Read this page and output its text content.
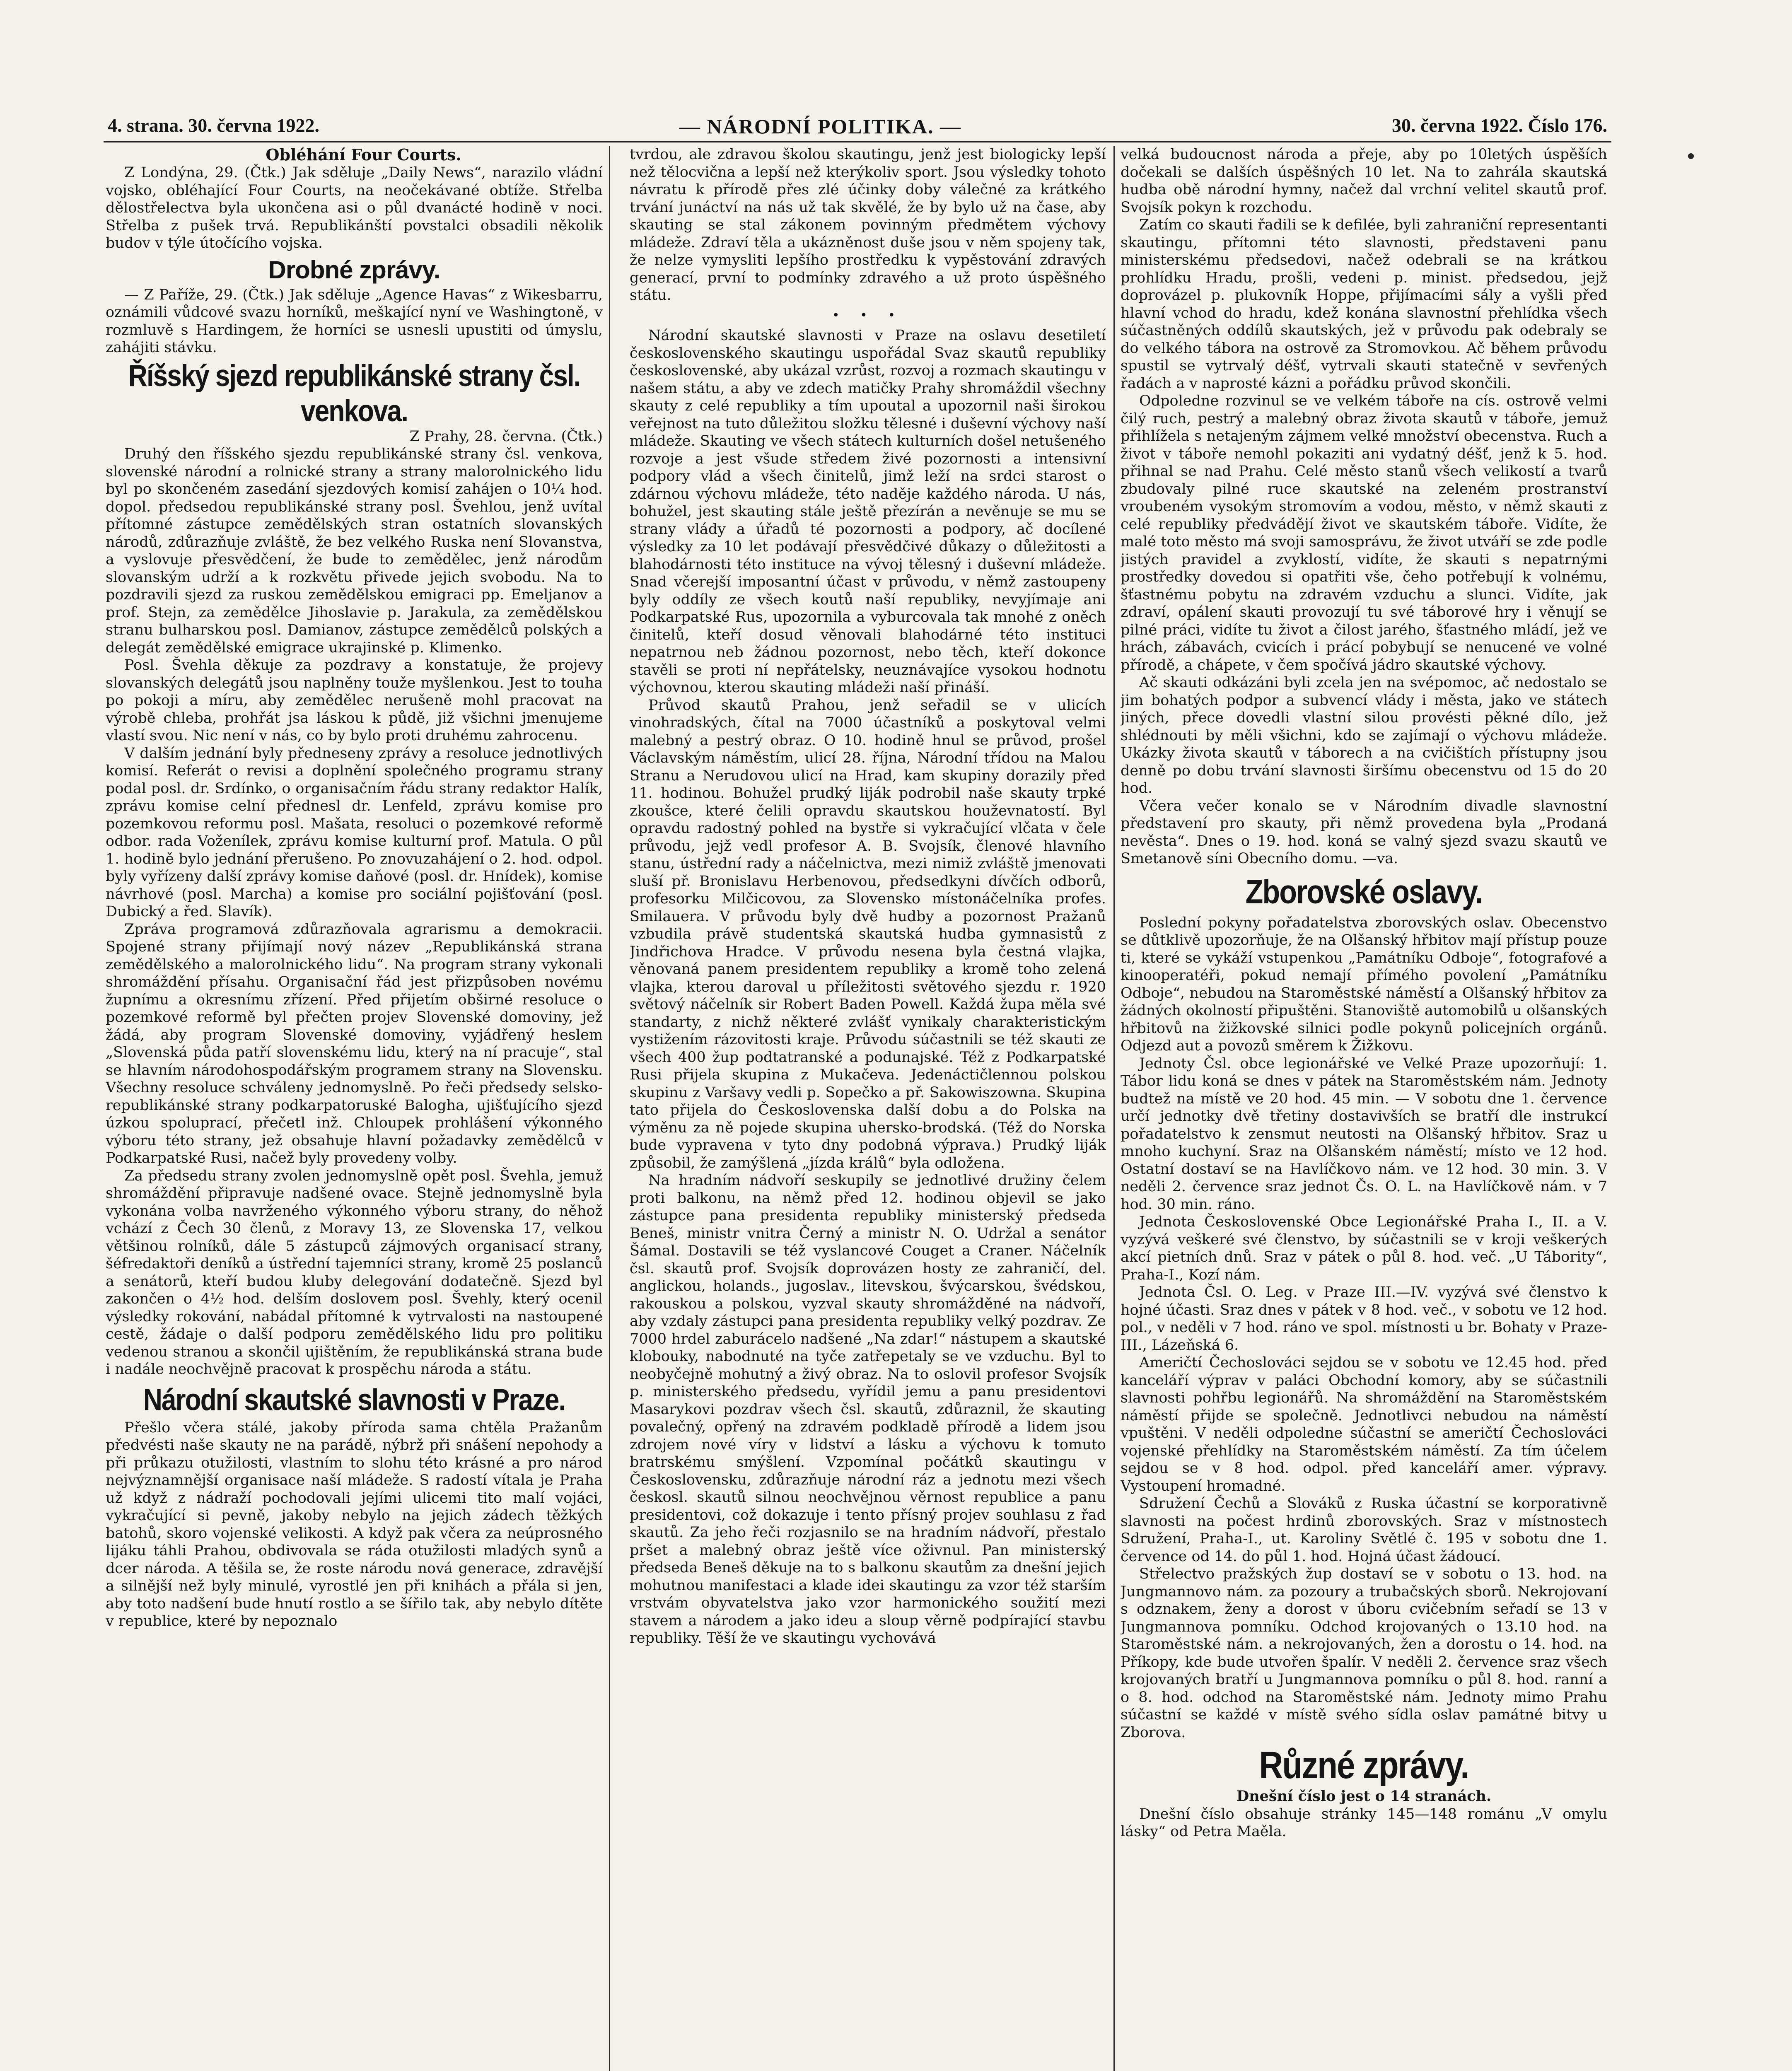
4. strana. 30. června 1922.	— NÁRODNÍ POLITIKA. —	30. června 1922. Číslo 176.

Obléhání Four Courts.

Z Londýna, 29. (Čtk.) Jak sděluje „Daily News“, narazilo vládní vojsko, obléhající Four Courts, na neočekávané obtíže. Střelba dělostřelectva byla ukončena asi o půl dvanácté hodině v noci. Střelba z pušek trvá. Republikánští povstalci obsadili několik budov v týle útočícího vojska.

Drobné zprávy.

— Z Paříže, 29. (Čtk.) Jak sděluje „Agence Havas“ z Wikesbarru, oznámili vůdcové svazu horníků, meškající nyní ve Washingtoně, v rozmluvě s Hardingem, že horníci se usnesli upustiti od úmyslu, zahájiti stávku.

Říšský sjezd republikánské strany čsl. venkova.

Z Prahy, 28. června. (Čtk.)

Druhý den říšského sjezdu republikánské strany čsl. venkova, slovenské národní a rolnické strany a strany malorolnického lidu byl po skončeném zasedání sjezdových komisí zahájen o 10¼ hod. dopol. předsedou republikánské strany posl. Švehlou, jenž uvítal přítomné zástupce zemědělských stran ostatních slovanských národů, zdůrazňuje zvláště, že bez velkého Ruska není Slovanstva, a vyslovuje přesvědčení, že bude to zemědělec, jenž národům slovanským udrží a k rozkvětu přivede jejich svobodu. Na to pozdravili sjezd za ruskou zemědělskou emigraci pp. Emeljanov a prof. Stejn, za zemědělce Jihoslavie p. Jarakula, za zemědělskou stranu bulharskou posl. Damianov, zástupce zemědělců polských a delegát zemědělské emigrace ukrajinské p. Klimenko.

Posl. Švehla děkuje za pozdravy a konstatuje, že projevy slovanských delegátů jsou naplněny touže myšlenkou. Jest to touha po pokoji a míru, aby zemědělec nerušeně mohl pracovat na výrobě chleba, prohřát jsa láskou k půdě, již všichni jmenujeme vlastí svou. Nic není v nás, co by bylo proti druhému zahrocenu.

V dalším jednání byly předneseny zprávy a resoluce jednotlivých komisí. Referát o revisi a doplnění společného programu strany podal posl. dr. Srdínko, o organisačním řádu strany redaktor Halík, zprávu komise celní přednesl dr. Lenfeld, zprávu komise pro pozemkovou reformu posl. Mašata, resoluci o pozemkové reformě odbor. rada Voženílek, zprávu komise kulturní prof. Matula. O půl 1. hodině bylo jednání přerušeno. Po znovuzahájení o 2. hod. odpol. byly vyřízeny další zprávy komise daňové (posl. dr. Hnídek), komise návrhové (posl. Marcha) a komise pro sociální pojišťování (posl. Dubický a řed. Slavík).

Zpráva programová zdůrazňovala agrarismu a demokracii. Spojené strany přijímají nový název „Republikánská strana zemědělského a malorolnického lidu“. Na program strany vykonali shromáždění přísahu. Organisační řád jest přizpůsoben novému župnímu a okresnímu zřízení. Před přijetím obširné resoluce o pozemkové reformě byl přečten projev Slovenské domoviny, jež žádá, aby program Slovenské domoviny, vyjádřený heslem „Slovenská půda patří slovenskému lidu, který na ní pracuje“, stal se hlavním národohospodářským programem strany na Slovensku. Všechny resoluce schváleny jednomyslně. Po řeči předsedy selsko-republikánské strany podkarpatoruské Balogha, ujišťujícího sjezd úzkou spoluprací, přečetl inž. Chloupek prohlášení výkonného výboru této strany, jež obsahuje hlavní požadavky zemědělců v Podkarpatské Rusi, načež byly provedeny volby.

Za předsedu strany zvolen jednomyslně opět posl. Švehla, jemuž shromáždění připravuje nadšené ovace. Stejně jednomyslně byla vykonána volba navrženého výkonného výboru strany, do něhož vchází z Čech 30 členů, z Moravy 13, ze Slovenska 17, velkou většinou rolníků, dále 5 zástupců zájmových organisací strany, šéfredaktoři deníků a ústřední tajemníci strany, kromě 25 poslanců a senátorů, kteří budou kluby delegování dodatečně. Sjezd byl zakončen o 4½ hod. delším doslovem posl. Švehly, který ocenil výsledky rokování, nabádal přítomné k vytrvalosti na nastoupené cestě, žádaje o další podporu zemědělského lidu pro politiku vedenou stranou a skončil ujištěním, že republikánská strana bude i nadále neochvějně pracovat k prospěchu národa a státu.

Národní skautské slavnosti v Praze.

Přešlo včera stálé, jakoby příroda sama chtěla Pražanům předvésti naše skauty ne na parádě, nýbrž při snášení nepohody a při průkazu otužilosti, vlastním to slohu této krásné a pro národ nejvýznamnější organisace naší mládeže. S radostí vítala je Praha už když z nádraží pochodovali jejími ulicemi tito malí vojáci, vykračující si pevně, jakoby nebylo na jejich zádech těžkých batohů, skoro vojenské velikosti. A když pak včera za neúprosného lijáku táhli Prahou, obdivovala se ráda otužilosti mladých synů a dcer národa. A těšila se, že roste národu nová generace, zdravější a silnější než byly minulé, vyrostlé jen při knihách a přála si jen, aby toto nadšení bude hnutí rostlo a se šířilo tak, aby nebylo dítěte v republice, které by nepoznalo

tvrdou, ale zdravou školou skautingu, jenž jest biologicky lepší než tělocvična a lepší než kterýkoliv sport. Jsou výsledky tohoto návratu k přírodě přes zlé účinky doby válečné za krátkého trvání junáctví na nás už tak skvělé, že by bylo už na čase, aby skauting se stal zákonem povinným předmětem výchovy mládeže. Zdraví těla a ukázněnost duše jsou v něm spojeny tak, že nelze vymysliti lepšího prostředku k vypěstování zdravých generací, první to podmínky zdravého a už proto úspěšného státu.

• • •

Národní skautské slavnosti v Praze na oslavu desetiletí československého skautingu uspořádal Svaz skautů republiky československé, aby ukázal vzrůst, rozvoj a rozmach skautingu v našem státu, a aby ve zdech matičky Prahy shromáždil všechny skauty z celé republiky a tím upoutal a upozornil naši širokou veřejnost na tuto důležitou složku tělesné i duševní výchovy naší mládeže. Skauting ve všech státech kulturních došel netušeného rozvoje a jest všude středem živé pozornosti a intensivní podpory vlád a všech činitelů, jimž leží na srdci starost o zdárnou výchovu mládeže, této naděje každého národa. U nás, bohužel, jest skauting stále ještě přezírán a nevěnuje se mu se strany vlády a úřadů té pozornosti a podpory, ač docílené výsledky za 10 let podávají přesvědčivé důkazy o důležitosti a blahodárnosti této instituce na vývoj tělesný i duševní mládeže. Snad včerejší imposantní účast v průvodu, v němž zastoupeny byly oddíly ze všech koutů naší republiky, nevyjímaje ani Podkarpatské Rus, upozornila a vyburcovala tak mnohé z oněch činitelů, kteří dosud věnovali blahodárné této instituci nepatrnou neb žádnou pozornost, nebo těch, kteří dokonce stavěli se proti ní nepřátelsky, neuznávajíce vysokou hodnotu výchovnou, kterou skauting mládeži naší přináší.

Průvod skautů Prahou, jenž seřadil se v ulicích vinohradských, čítal na 7000 účastníků a poskytoval velmi malebný a pestrý obraz. O 10. hodině hnul se průvod, prošel Václavským náměstím, ulicí 28. října, Národní třídou na Malou Stranu a Nerudovou ulicí na Hrad, kam skupiny dorazily před 11. hodinou. Bohužel prudký liják podrobil naše skauty trpké zkoušce, které čelili opravdu skautskou houževnatostí. Byl opravdu radostný pohled na bystře si vykračující vlčata v čele průvodu, jejž vedl profesor A. B. Svojsík, členové hlavního stanu, ústřední rady a náčelnictva, mezi nimiž zvláště jmenovati sluší př. Bronislavu Herbenovou, předsedkyni dívčích odborů, profesorku Milčicovou, za Slovensko místonáčelníka profes. Smilauera. V průvodu byly dvě hudby a pozornost Pražanů vzbudila právě studentská skautská hudba gymnasistů z Jindřichova Hradce. V průvodu nesena byla čestná vlajka, věnovaná panem presidentem republiky a kromě toho zelená vlajka, kterou daroval u příležitosti světového sjezdu r. 1920 světový náčelník sir Robert Baden Powell. Každá župa měla své standarty, z nichž některé zvlášť vynikaly charakteristickým vystižením rázovitosti kraje. Průvodu súčastnili se též skauti ze všech 400 žup podtatranské a podunajské. Též z Podkarpatské Rusi přijela skupina z Mukačeva. Jedenáctičlennou polskou skupinu z Varšavy vedli p. Sopečko a př. Sakowiszowna. Skupina tato přijela do Československa další dobu a do Polska na výměnu za ně pojede skupina uhersko-brodská. (Též do Norska bude vypravena v tyto dny podobná výprava.) Prudký liják způsobil, že zamýšlená „jízda králů“ byla odložena.

Na hradním nádvoří seskupily se jednotlivé družiny čelem proti balkonu, na němž před 12. hodinou objevil se jako zástupce pana presidenta republiky ministerský předseda Beneš, ministr vnitra Černý a ministr N. O. Udržal a senátor Šámal. Dostavili se též vyslancové Couget a Craner. Náčelník čsl. skautů prof. Svojsík doprovázen hosty ze zahraničí, del. anglickou, holands., jugoslav., litevskou, švýcarskou, švédskou, rakouskou a polskou, vyzval skauty shromážděné na nádvoří, aby vzdaly zástupci pana presidenta republiky velký pozdrav. Ze 7000 hrdel zaburácelo nadšené „Na zdar!“ nástupem a skautské klobouky, nabodnuté na tyče zatřepetaly se ve vzduchu. Byl to neobyčejně mohutný a živý obraz. Na to oslovil profesor Svojsík p. ministerského předsedu, vyřídil jemu a panu presidentovi Masarykovi pozdrav všech čsl. skautů, zdůraznil, že skauting povalečný, opřený na zdravém podkladě přírodě a lidem jsou zdrojem nové víry v lidství a lásku a výchovu k tomuto bratrskému smýšlení. Vzpomínal počátků skautingu v Československu, zdůrazňuje národní ráz a jednotu mezi všech českosl. skautů silnou neochvějnou věrnost republice a panu presidentovi, což dokazuje i tento přísný projev souhlasu z řad skautů. Za jeho řeči rozjasnilo se na hradním nádvoří, přestalo pršet a malebný obraz ještě více oživnul. Pan ministerský předseda Beneš děkuje na to s balkonu skautům za dnešní jejich mohutnou manifestaci a klade idei skautingu za vzor též starším vrstvám obyvatelstva jako vzor harmonického soužití mezi stavem a národem a jako ideu a sloup věrně podpírající stavbu republiky. Těší že ve skautingu vychovává

velká budoucnost národa a přeje, aby po 10letých úspěších dočekali se dalších úspěšných 10 let. Na to zahrála skautská hudba obě národní hymny, načež dal vrchní velitel skautů prof. Svojsík pokyn k rozchodu.

Zatím co skauti řadili se k defilée, byli zahraniční representanti skautingu, přítomni této slavnosti, představeni panu ministerskému předsedovi, načež odebrali se na krátkou prohlídku Hradu, prošli, vedeni p. minist. předsedou, jejž doprovázel p. plukovník Hoppe, přijímacími sály a vyšli před hlavní vchod do hradu, kdež konána slavnostní přehlídka všech súčastněných oddílů skautských, jež v průvodu pak odebraly se do velkého tábora na ostrově za Stromovkou. Ač během průvodu spustil se vytrvalý déšť, vytrvali skauti statečně v sevřených řadách a v naprosté kázni a pořádku průvod skončili.

Odpoledne rozvinul se ve velkém táboře na cís. ostrově velmi čilý ruch, pestrý a malebný obraz života skautů v táboře, jemuž přihlížela s netajeným zájmem velké množství obecenstva. Ruch a život v táboře nemohl pokaziti ani vydatný déšť, jenž k 5. hod. přihnal se nad Prahu. Celé město stanů všech velikostí a tvarů zbudovaly pilné ruce skautské na zeleném prostranství vroubeném vysokým stromovím a vodou, město, v němž skauti z celé republiky předvádějí život ve skautském táboře. Vidíte, že malé toto město má svoji samosprávu, že život utváří se zde podle jistých pravidel a zvyklostí, vidíte, že skauti s nepatrnými prostředky dovedou si opatřiti vše, čeho potřebují k volnému, šťastnému pobytu na zdravém vzduchu a slunci. Vidíte, jak zdraví, opálení skauti provozují tu své táborové hry i věnují se pilné práci, vidíte tu život a čilost jarého, šťastného mládí, jež ve hrách, zábavách, cvicích i prácí pobybují se nenucené ve volné přírodě, a chápete, v čem spočívá jádro skautské výchovy.

Ač skauti odkázáni byli zcela jen na svépomoc, ač nedostalo se jim bohatých podpor a subvencí vlády i města, jako ve státech jiných, přece dovedli vlastní silou provésti pěkné dílo, jež shlédnouti by měli všichni, kdo se zajímají o výchovu mládeže. Ukázky života skautů v táborech a na cvičištích přístupny jsou denně po dobu trvání slavnosti širšímu obecenstvu od 15 do 20 hod.

Včera večer konalo se v Národním divadle slavnostní představení pro skauty, při němž provedena byla „Prodaná nevěsta“. Dnes o 19. hod. koná se valný sjezd svazu skautů ve Smetanově síni Obecního domu. —va.

Zborovské oslavy.

Poslední pokyny pořadatelstva zborovských oslav. Obecenstvo se důtklivě upozorňuje, že na Olšanský hřbitov mají přístup pouze ti, které se vykáží vstupenkou „Památníku Odboje“, fotografové a kinooperatéři, pokud nemají přímého povolení „Památníku Odboje“, nebudou na Staroměstské náměstí a Olšanský hřbitov za žádných okolností připuštěni. Stanoviště automobilů u olšanských hřbitovů na žižkovské silnici podle pokynů policejních orgánů. Odjezd aut a povozů směrem k Žižkovu.

Jednoty Čsl. obce legionářské ve Velké Praze upozorňují: 1. Tábor lidu koná se dnes v pátek na Staroměstském nám. Jednoty budtež na místě ve 20 hod. 45 min. — V sobotu dne 1. července určí jednotky dvě třetiny dostavivších se bratří dle instrukcí pořadatelstvo k zensmut neutosti na Olšanský hřbitov. Sraz u mnoho kuchyní. Sraz na Olšanském náměstí; místo ve 12 hod. Ostatní dostaví se na Havlíčkovo nám. ve 12 hod. 30 min. 3. V neděli 2. července sraz jednot Čs. O. L. na Havlíčkově nám. v 7 hod. 30 min. ráno.

Jednota Československé Obce Legionářské Praha I., II. a V. vyzývá veškeré své členstvo, by súčastnili se v kroji veškerých akcí pietních dnů. Sraz v pátek o půl 8. hod. več. „U Tábority“, Praha-I., Kozí nám.

Jednota Čsl. O. Leg. v Praze III.—IV. vyzývá své členstvo k hojné účasti. Sraz dnes v pátek v 8 hod. več., v sobotu ve 12 hod. pol., v neděli v 7 hod. ráno ve spol. místnosti u br. Bohaty v Praze-III., Lázeňská 6.

Američtí Čechoslováci sejdou se v sobotu ve 12.45 hod. před kanceláří výprav v paláci Obchodní komory, aby se súčastnili slavnosti pohřbu legionářů. Na shromáždění na Staroměstském náměstí přijde se společně. Jednotlivci nebudou na náměstí vpuštěni. V neděli odpoledne súčastní se američtí Čechoslováci vojenské přehlídky na Staroměstském náměstí. Za tím účelem sejdou se v 8 hod. odpol. před kanceláří amer. výpravy. Vystoupení hromadné.

Sdružení Čechů a Slováků z Ruska účastní se korporativně slavnosti na počest hrdinů zborovských. Sraz v místnostech Sdružení, Praha-I., ut. Karoliny Světlé č. 195 v sobotu dne 1. července od 14. do půl 1. hod. Hojná účast žádoucí.

Střelectvo pražských žup dostaví se v sobotu o 13. hod. na Jungmannovo nám. za pozoury a trubačských sborů. Nekrojovaní s odznakem, ženy a dorost v úboru cvičebním seřadí se 13 v Jungmannova pomníku. Odchod krojovaných o 13.10 hod. na Staroměstské nám. a nekrojovaných, žen a dorostu o 14. hod. na Příkopy, kde bude utvořen špalír. V neděli 2. července sraz všech krojovaných bratří u Jungmannova pomníku o půl 8. hod. ranní a o 8. hod. odchod na Staroměstské nám. Jednoty mimo Prahu súčastní se každé v místě svého sídla oslav památné bitvy u Zborova.

Různé zprávy.

Dnešní číslo jest o 14 stranách.

Dnešní číslo obsahuje stránky 145—148 románu „V omylu lásky“ od Petra Maěla.
